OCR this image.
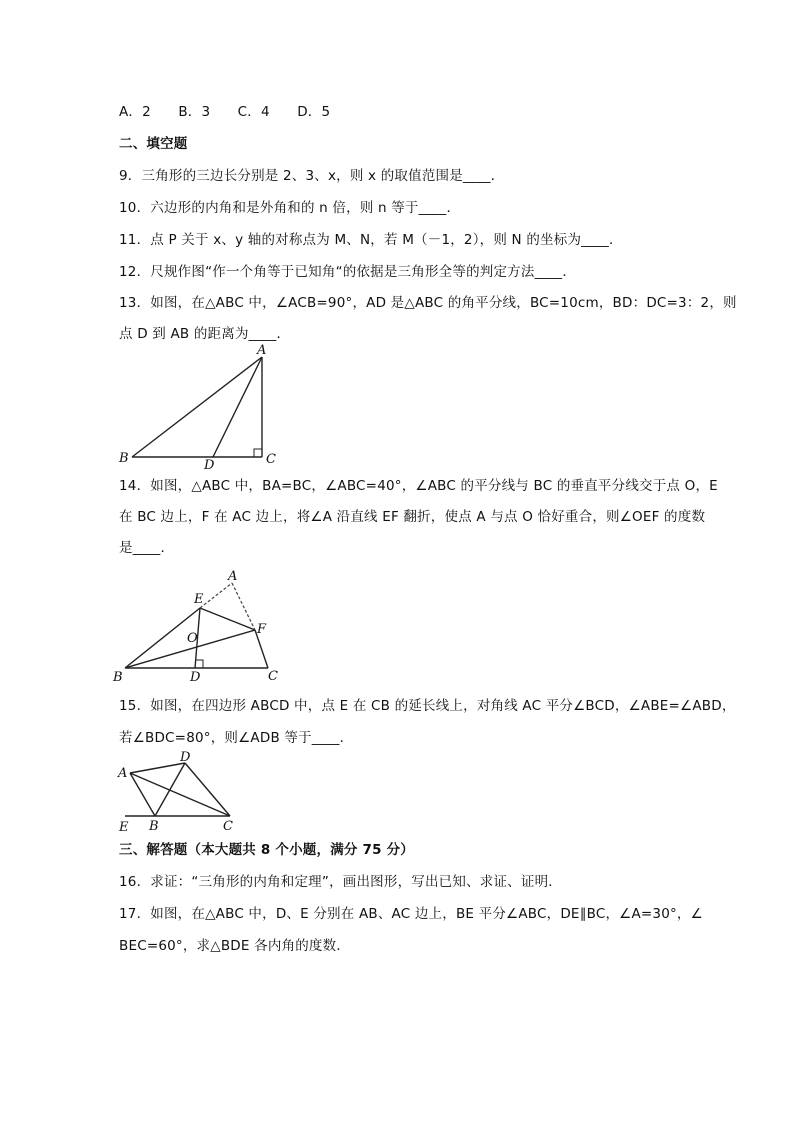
A．2　　B．3　　C．4　　D．5
二、填空题
9．三角形的三边长分别是 2、3、x，则 x 的取值范围是____．
10．六边形的内角和是外角和的 n 倍，则 n 等于____．
11．点 P 关于 x、y 轴的对称点为 M、N，若 M（－1，2），则 N 的坐标为____．
12．尺规作图“作一个角等于已知角“的依据是三角形全等的判定方法____．
13．如图，在△ABC 中，∠ACB=90°，AD 是△ABC 的角平分线，BC=10cm，BD：DC=3：2，则
点 D 到 AB 的距离为____．
A
B	C
D
14．如图，△ABC 中，BA=BC，∠ABC=40°，∠ABC 的平分线与 BC 的垂直平分线交于点 O，E
在 BC 边上，F 在 AC 边上，将∠A 沿直线 EF 翻折，使点 A 与点 O 恰好重合，则∠OEF 的度数
是____．
A
E
F
O
B	D	C
15．如图，在四边形 ABCD 中，点 E 在 CB 的延长线上，对角线 AC 平分∠BCD，∠ABE=∠ABD，
若∠BDC=80°，则∠ADB 等于____．
A
D
E B	C
三、解答题（本大题共 8 个小题，满分 75 分）
16．求证：“三角形的内角和定理”，画出图形，写出已知、求证、证明．
17．如图，在△ABC 中，D、E 分别在 AB、AC 边上，BE 平分∠ABC，DE∥BC，∠A=30°，∠
BEC=60°，求△BDE 各内角的度数．
